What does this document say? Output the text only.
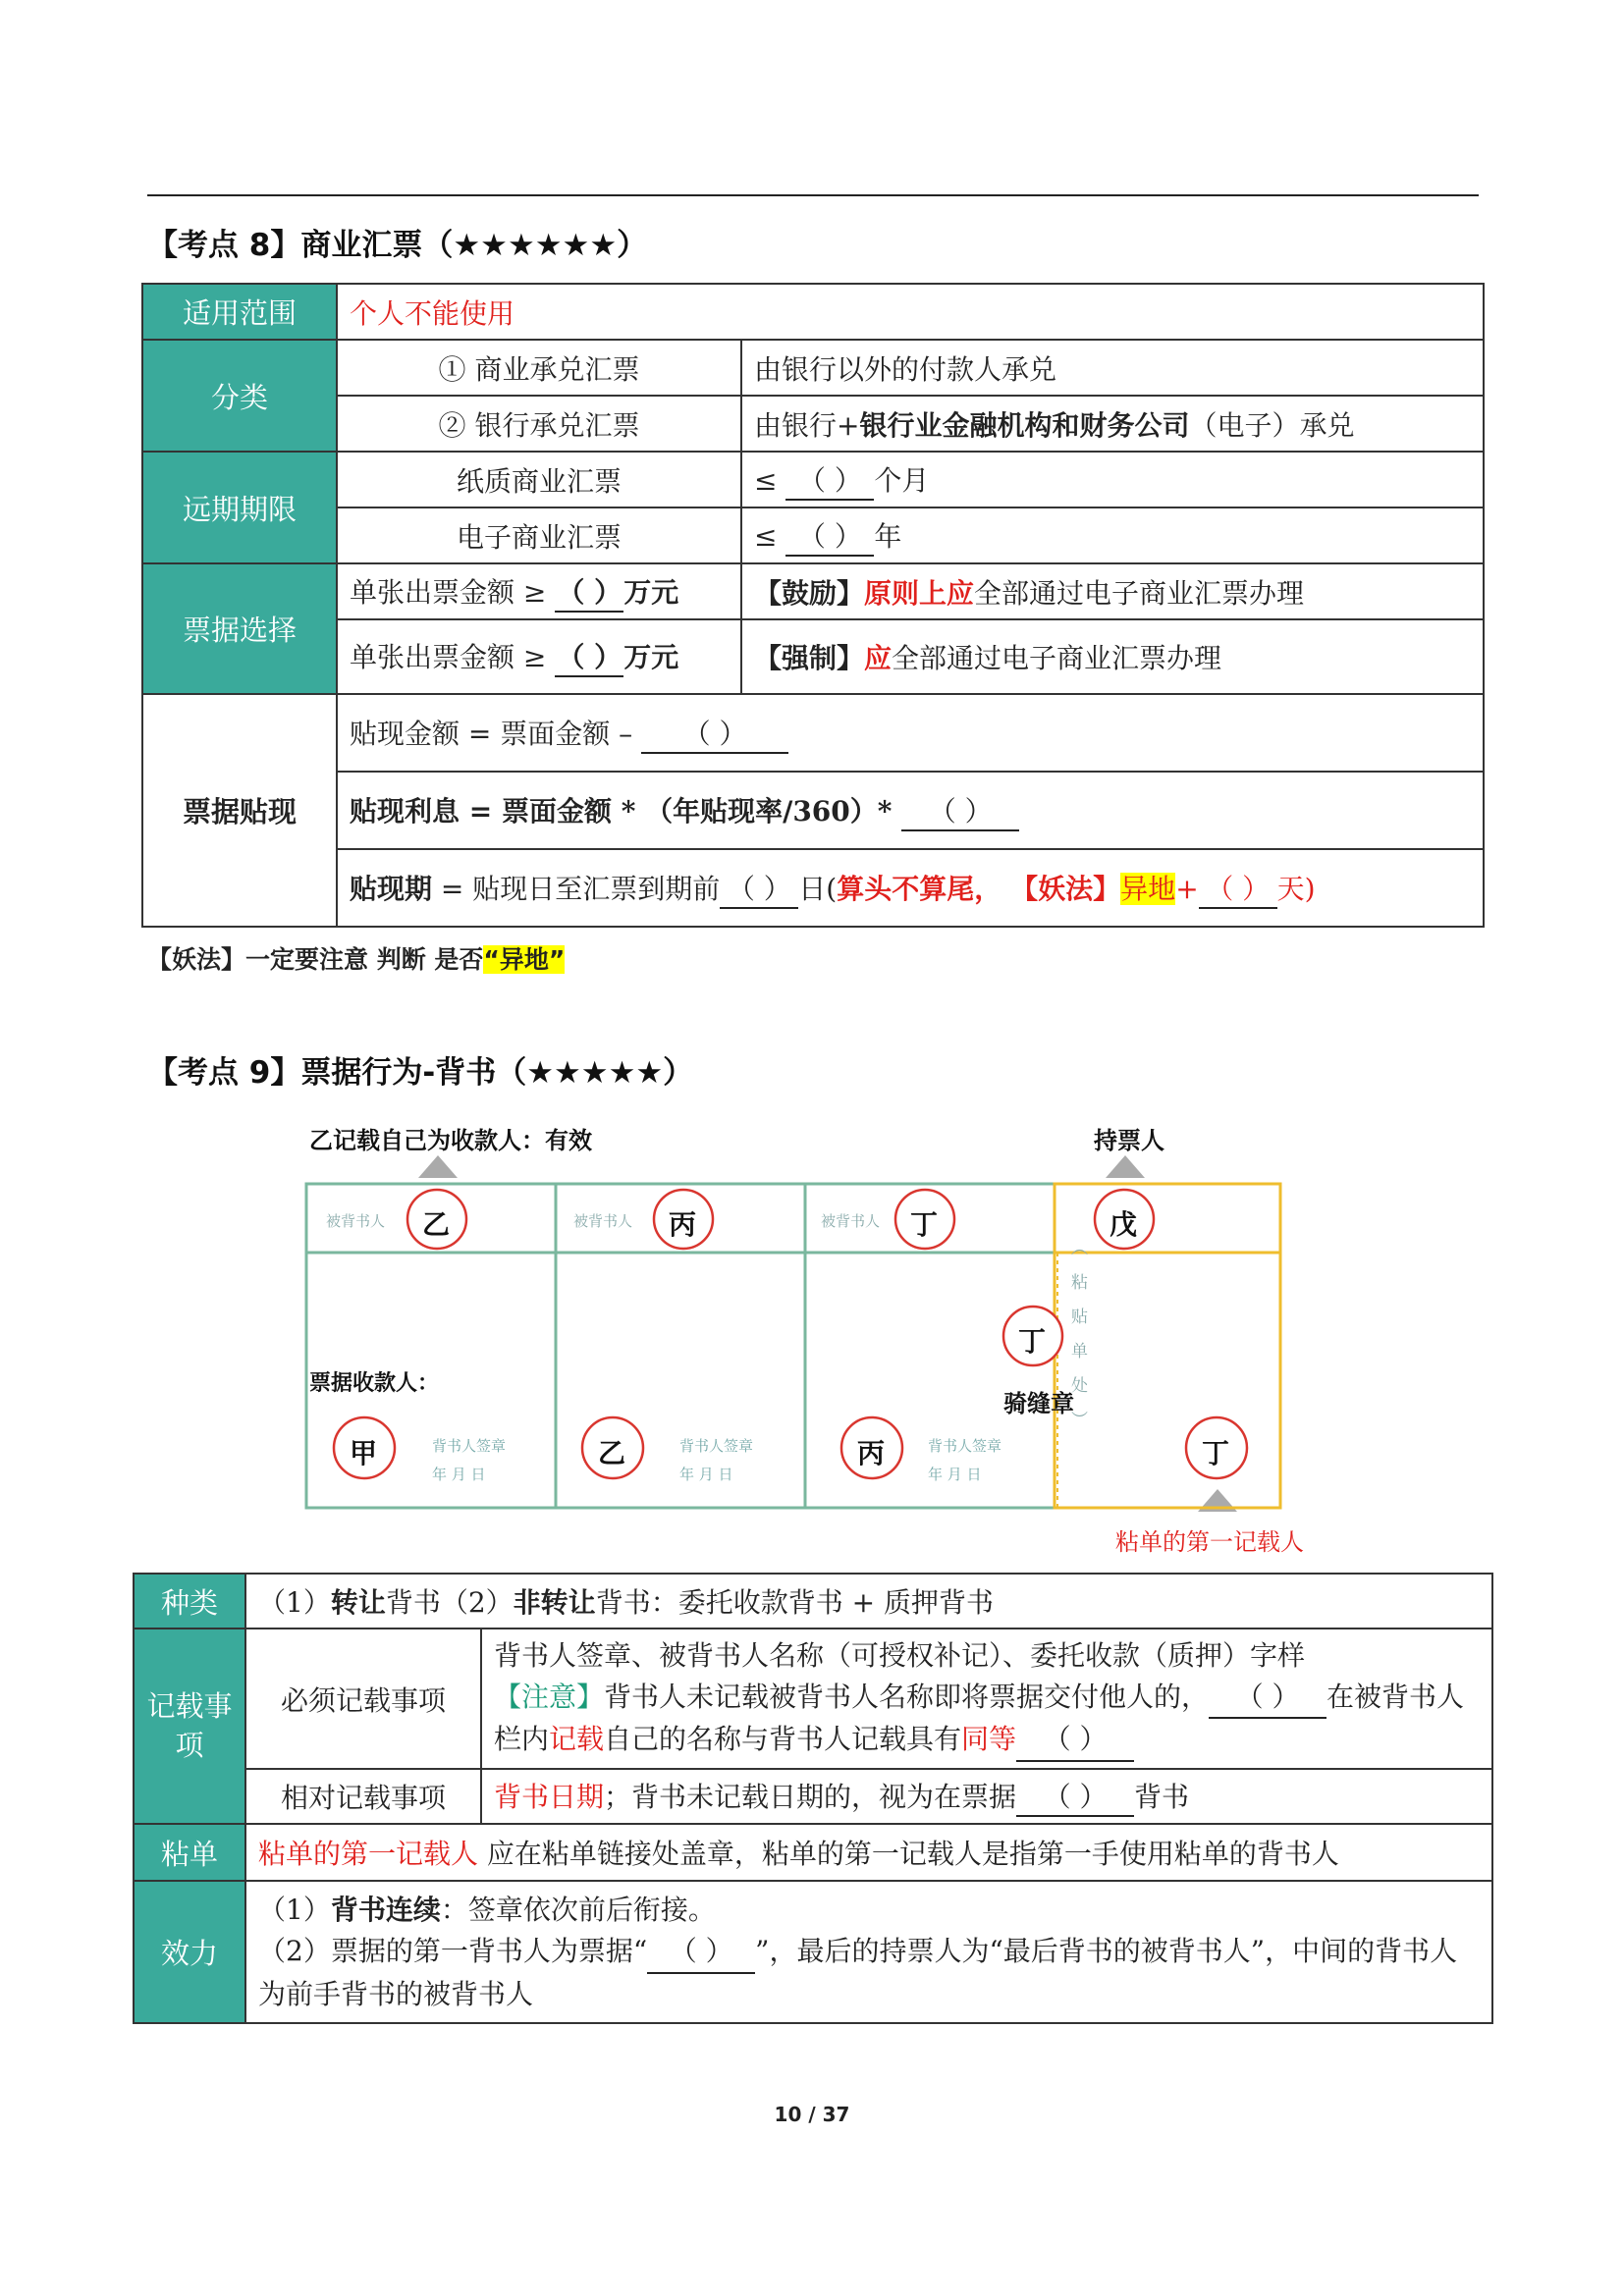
【考点 8】商业汇票（★★★★★★）
适用范围	个人不能使用	
分类	① 商业承兑汇票	由银行以外的付款人承兑
	② 银行承兑汇票	由银行+银行业金融机构和财务公司（电子）承兑
远期期限	纸质商业汇票	≤ （ ） 个月
	电子商业汇票	≤ （ ） 年
票据选择	单张出票金额 ≥ （ ）万元	【鼓励】原则上应全部通过电子商业汇票办理
	单张出票金额 ≥ （ ）万元	【强制】应全部通过电子商业汇票办理
票据贴现	贴现金额 = 票面金额 – （ ）	
	贴现利息 = 票面金额 * （年贴现率/360）* （ ）	
	贴现期 = 贴现日至汇票到期前 （ ） 日(算头不算尾， 【妖法】异地+ （ ） 天)	
【妖法】一定要注意 判断 是否“异地”
【考点 9】票据行为-背书（★★★★★）
乙记载自己为收款人：有效	持票人
被背书人	被背书人	被背书人
乙	丙	丁	戊
票据收款人：
甲	乙	丙
背书人签章	背书人签章	背书人签章
年 月 日	年 月 日	年 月 日
丁
骑缝章
（粘贴单处）
丁
粘单的第一记载人
种类	（1）转让背书（2）非转让背书：委托收款背书 + 质押背书	
记载事项	必须记载事项	背书人签章、被背书人名称（可授权补记）、委托收款（质押）字样
【注意】背书人未记载被背书人名称即将票据交付他人的， （ ） 在被背书人栏内记载自己的名称与背书人记载具有同等 （ ）
	相对记载事项	背书日期；背书未记载日期的，视为在票据 （ ） 背书
粘单	粘单的第一记载人 应在粘单链接处盖章，粘单的第一记载人是指第一手使用粘单的背书人	
效力	（1）背书连续：签章依次前后衔接。
（2）票据的第一背书人为票据“ （ ） ”，最后的持票人为“最后背书的被背书人”，中间的背书人为前手背书的被背书人	
10 / 37
